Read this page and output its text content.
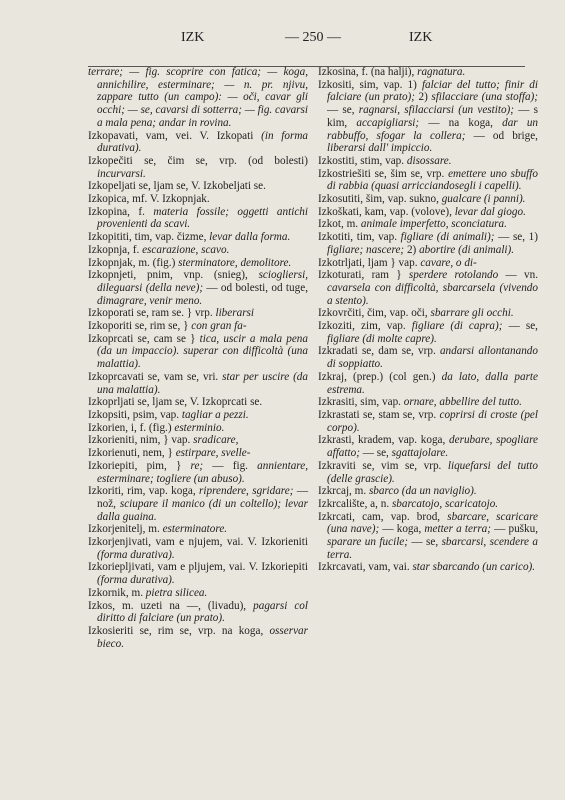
IZK	— 250 —	IZK
terrare; — fig. scoprire con fatica; — koga, annichilire, esterminare; — n. pr. njivu, zappare tutto (un campo): — oči, cavar gli occhi; — se, cavarsi di sotterra; — fig. cavarsi a mala pena; andar in rovina.
Izkopavati, vam, vei. V. Izkopati (in forma durativa).
Izkopečiti se, čim se, vrp. (od bolesti) incurvarsi.
Izkopeljati se, ljam se, V. Izkobeljati se.
Izkopica, mf. V. Izkopnjak.
Izkopina, f. materia fossile; oggetti antichi provenienti da scavi.
Izkopititi, tim, vap. čizme, levar dalla forma.
Izkopnja, f. escarazione, scavo.
Izkopnjak, m. (fig.) sterminatore, demolitore.
Izkopnjeti, pnim, vnp. (snieg), sciogliersi, dileguarsi (della neve); — od bolesti, od tuge, dimagrare, venir meno.
Izkoporati se, ram se. } vrp. liberarsi
Izkoporiti se, rim se, } con gran fa-
Izkoprcati se, cam se } tica, uscir a mala pena (da un impaccio). superar con difficoltà (una malattia).
Izkoprcavati se, vam se, vri. star per uscire (da una malattia).
Izkoprljati se, ljam se, V. Izkoprcati se.
Izkopsiti, psim, vap. tagliar a pezzi.
Izkorien, i, f. (fig.) esterminio.
Izkorieniti, nim, } vap. sradicare,
Izkorienuti, nem, } estirpare, svelle-
Izkoriepiti, pim, } re; — fig. annientare, esterminare; togliere (un abuso).
Izkoriti, rim, vap. koga, riprendere, sgridare; — nož, sciupare il manico (di un coltello); levar dalla guaina.
Izkorjenitelj, m. esterminatore.
Izkorjenjivati, vam e njujem, vai. V. Izkorieniti (forma durativa).
Izkoriepljivati, vam e pljujem, vai. V. Izkoriepiti (forma durativa).
Izkornik, m. pietra silicea.
Izkos, m. uzeti na —, (livadu), pagarsi col diritto di falciare (un prato).
Izkosieriti se, rim se, vrp. na koga, osservar bieco.
Izkosina, f. (na halji), ragnatura.
Izkositi, sim, vap. 1) falciar del tutto; finir di falciare (un prato); 2) sfilacciare (una stoffa); — se, ragnarsi, sfilacciarsi (un vestito); — s kim, accapigliarsi; — na koga, dar un rabbuffo, sfogar la collera; — od brige, liberarsi dall' impiccio.
Izkostiti, stim, vap. disossare.
Izkostriešiti se, šim se, vrp. emettere uno sbuffo di rabbia (quasi arricciandosegli i capelli).
Izkosutiti, šim, vap. sukno, gualcare (i panni).
Izkoškati, kam, vap. (volove), levar dal giogo.
Izkot, m. animale imperfetto, sconciatura.
Izkotiti, tim, vap. figliare (di animali); — se, 1) figliare; nascere; 2) abortire (di animali).
Izkotrljati, ljam } vap. cavare, o di-
Izkoturati, ram } sperdere rotolando — vn. cavarsela con difficoltà, sbarcarsela (vivendo a stento).
Izkovrčiti, čim, vap. oči, sbarrare gli occhi.
Izkoziti, zim, vap. figliare (di capra); — se, figliare (di molte capre).
Izkradati se, dam se, vrp. andarsi allontanando di soppiatto.
Izkraj, (prep.) (col gen.) da lato, dalla parte estrema.
Izkrasiti, sim, vap. ornare, abbellire del tutto.
Izkrastati se, stam se, vrp. coprirsi di croste (pel corpo).
Izkrasti, kradem, vap. koga, derubare, spogliare affatto; — se, sgattajolare.
Izkraviti se, vim se, vrp. liquefarsi del tutto (delle grascie).
Izkrcaj, m. sbarco (da un naviglio).
Izkrcalište, a, n. sbarcatojo, scaricatojo.
Izkrcati, cam, vap. brod, sbarcare, scaricare (una nave); — koga, metter a terra; — pušku, sparare un fucile; — se, sbarcarsi, scendere a terra.
Izkrcavati, vam, vai. star sbarcando (un carico).
